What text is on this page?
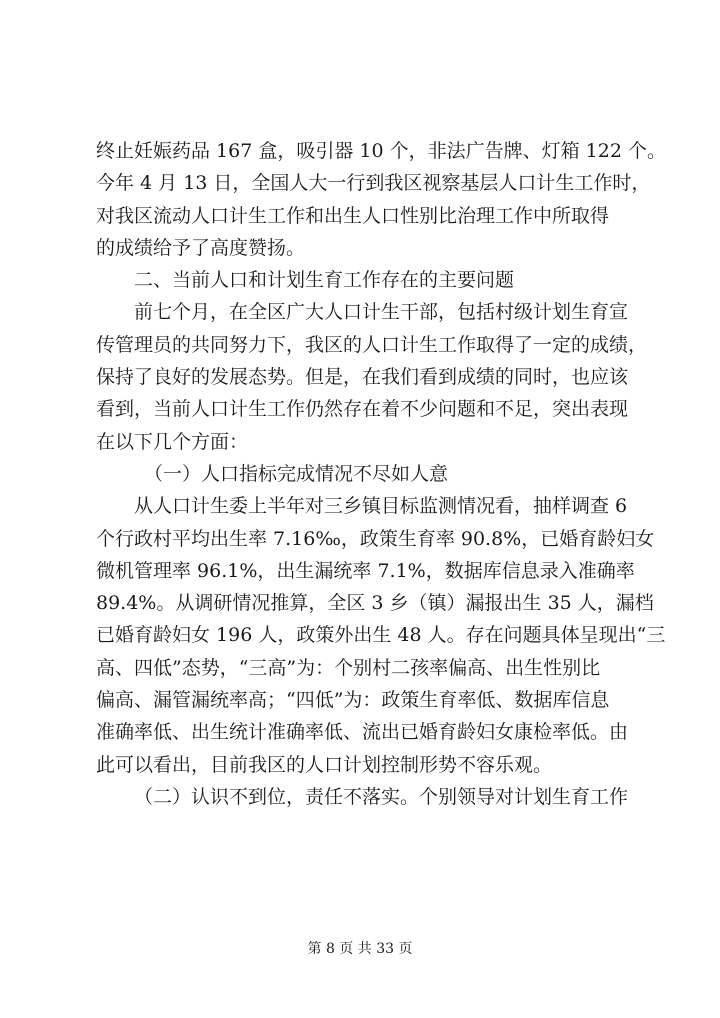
终止妊娠药品 167 盒，吸引器 10 个，非法广告牌、灯箱 122 个。
今年 4 月 13 日，全国人大一行到我区视察基层人口计生工作时，
对我区流动人口计生工作和出生人口性别比治理工作中所取得
的成绩给予了高度赞扬。
二、当前人口和计划生育工作存在的主要问题
前七个月，在全区广大人口计生干部，包括村级计划生育宣
传管理员的共同努力下，我区的人口计生工作取得了一定的成绩，
保持了良好的发展态势。但是，在我们看到成绩的同时，也应该
看到，当前人口计生工作仍然存在着不少问题和不足，突出表现
在以下几个方面：
（一）人口指标完成情况不尽如人意
从人口计生委上半年对三乡镇目标监测情况看，抽样调查 6
个行政村平均出生率 7.16‰，政策生育率 90.8%，已婚育龄妇女
微机管理率 96.1%，出生漏统率 7.1%，数据库信息录入准确率
89.4%。从调研情况推算，全区 3 乡（镇）漏报出生 35 人，漏档
已婚育龄妇女 196 人，政策外出生 48 人。存在问题具体呈现出“三
高、四低”态势，“三高”为：个别村二孩率偏高、出生性别比
偏高、漏管漏统率高；“四低”为：政策生育率低、数据库信息
准确率低、出生统计准确率低、流出已婚育龄妇女康检率低。由
此可以看出，目前我区的人口计划控制形势不容乐观。
（二）认识不到位，责任不落实。个别领导对计划生育工作
第 8 页 共 33 页
